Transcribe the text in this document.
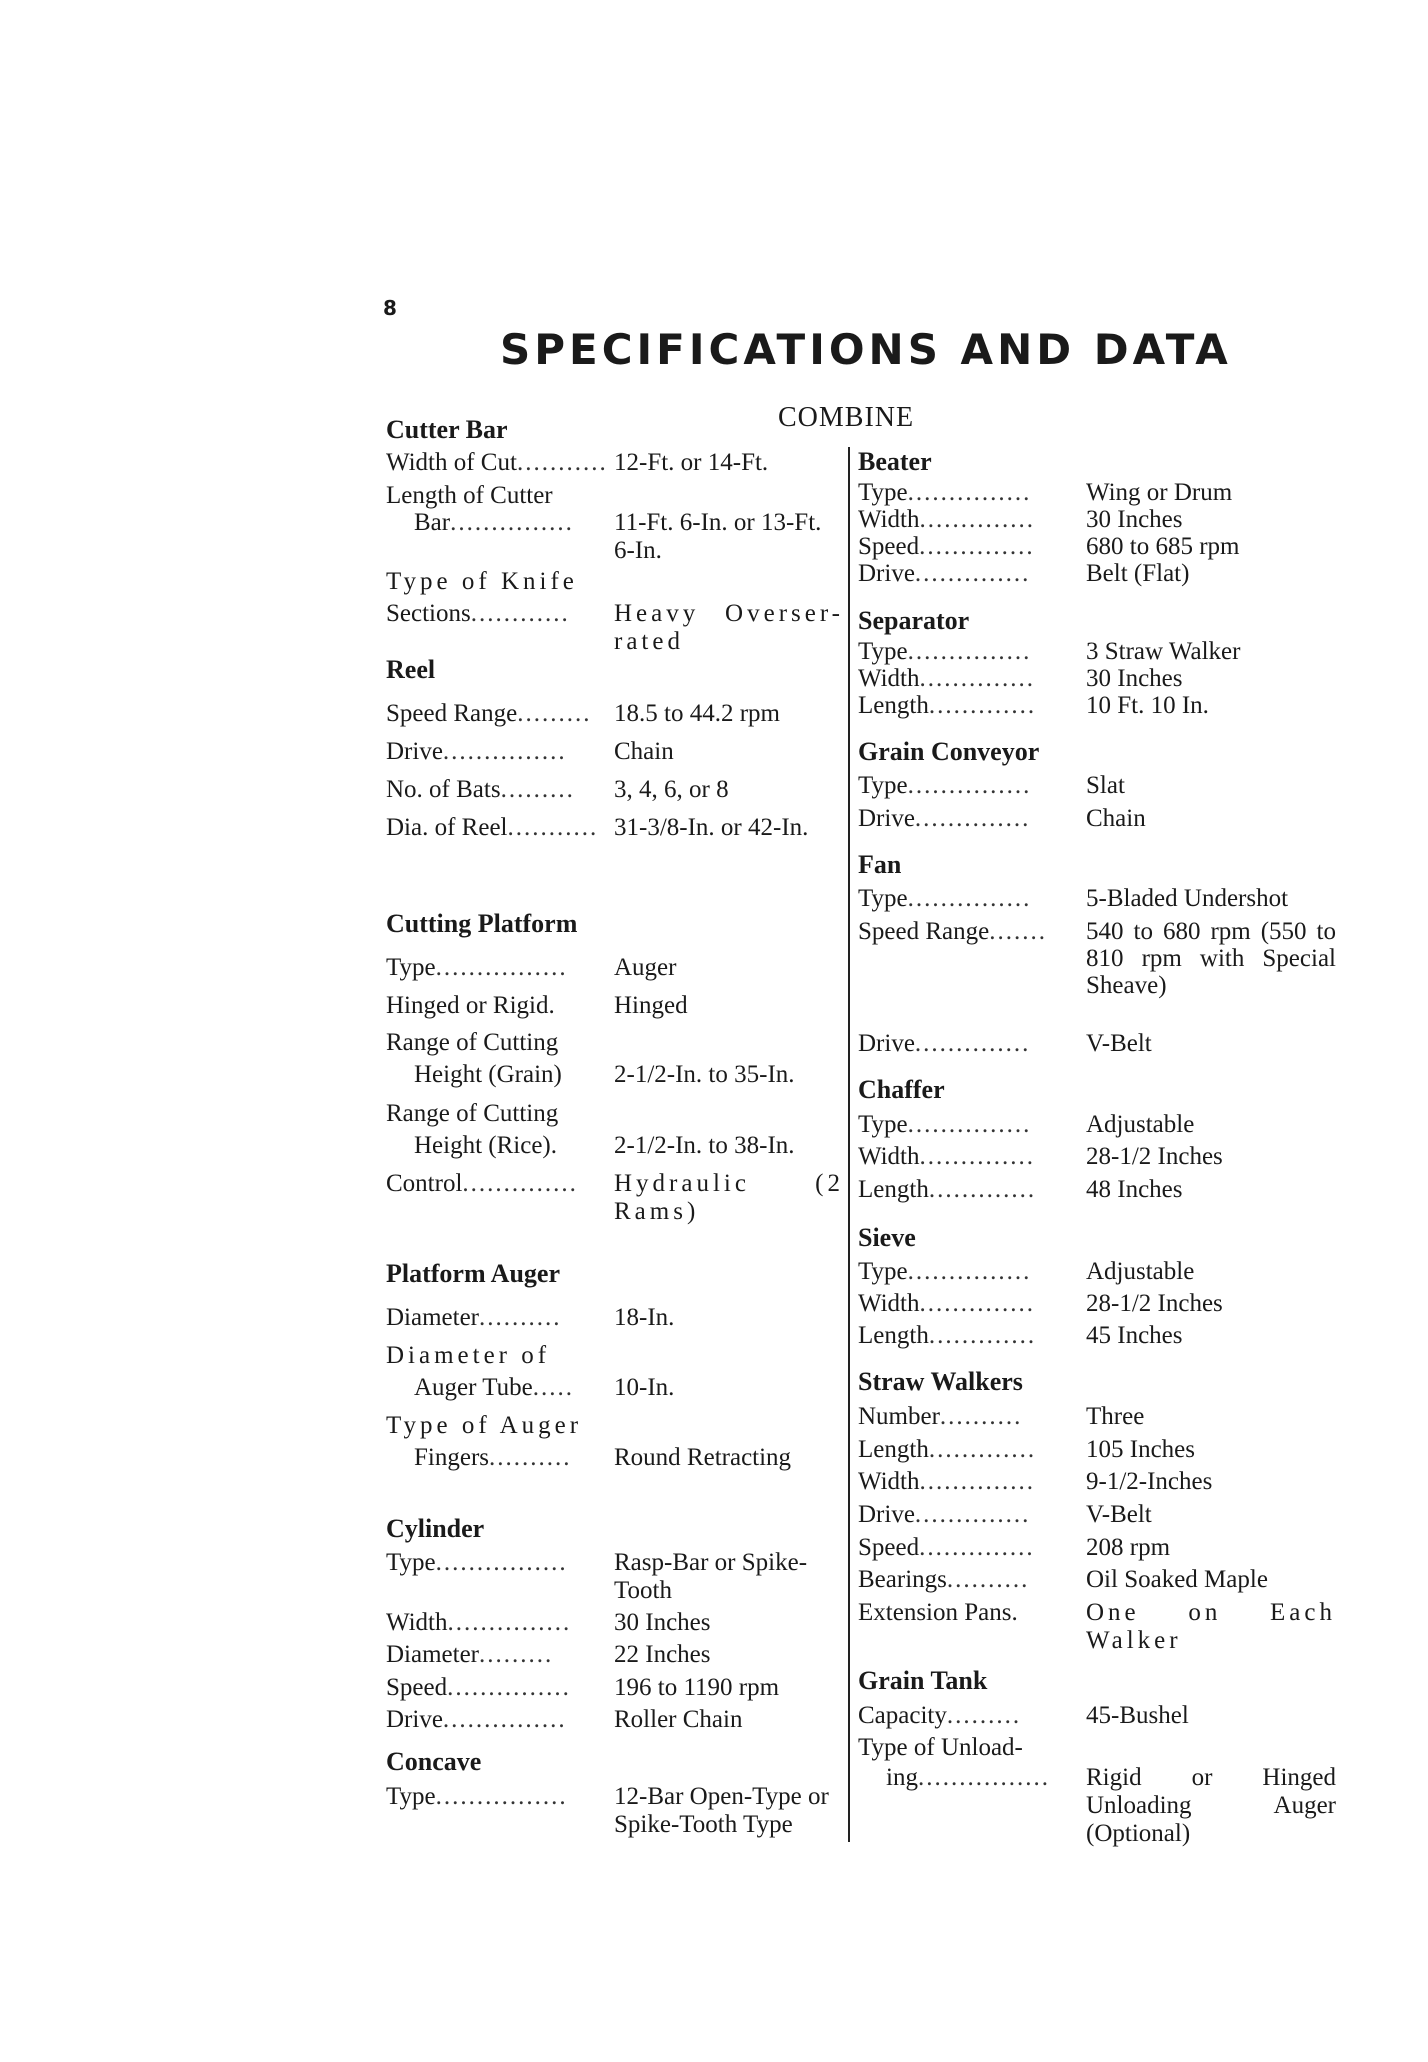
8
SPECIFICATIONS AND DATA
COMBINE
Cutter Bar
Width of Cut........... 12-Ft. or 14-Ft.
Length of Cutter
Bar...............	11-Ft. 6-In. or 13-Ft. 6-In.
Type of Knife
Sections............	Heavy Overser-rated
Reel
Speed Range......... 18.5 to 44.2 rpm
Drive...............	Chain
No. of Bats.........	3, 4, 6, or 8
Dia. of Reel........... 31-3/8-In. or 42-In.
Cutting Platform
Type................	Auger
Hinged or Rigid.	Hinged
Range of Cutting
Height (Grain)	2-1/2-In. to 35-In.
Range of Cutting
Height (Rice).	2-1/2-In. to 38-In.
Control..............	Hydraulic (2 Rams)
Platform Auger
Diameter..........	18-In.
Diameter of
Auger Tube.....	10-In.
Type of Auger
Fingers..........	Round Retracting
Cylinder
Type................	Rasp-Bar or Spike-Tooth
Width...............	30 Inches
Diameter.........	22 Inches
Speed...............	196 to 1190 rpm
Drive...............	Roller Chain
Concave
Type................	12-Bar Open-Type or Spike-Tooth Type
Beater
Type...............	Wing or Drum
Width..............	30 Inches
Speed..............	680 to 685 rpm
Drive..............	Belt (Flat)
Separator
Type...............	3 Straw Walker
Width..............	30 Inches
Length.............	10 Ft. 10 In.
Grain Conveyor
Type...............	Slat
Drive..............	Chain
Fan
Type...............	5-Bladed Undershot
Speed Range.......	540 to 680 rpm (550 to 810 rpm with Special Sheave)
Drive..............	V-Belt
Chaffer
Type...............	Adjustable
Width..............	28-1/2 Inches
Length.............	48 Inches
Sieve
Type...............	Adjustable
Width..............	28-1/2 Inches
Length.............	45 Inches
Straw Walkers
Number..........	Three
Length.............	105 Inches
Width..............	9-1/2-Inches
Drive..............	V-Belt
Speed..............	208 rpm
Bearings..........	Oil Soaked Maple
Extension Pans.	One on Each Walker
Grain Tank
Capacity.........	45-Bushel
Type of Unload-
ing................	Rigid or Hinged Unloading Auger (Optional)
